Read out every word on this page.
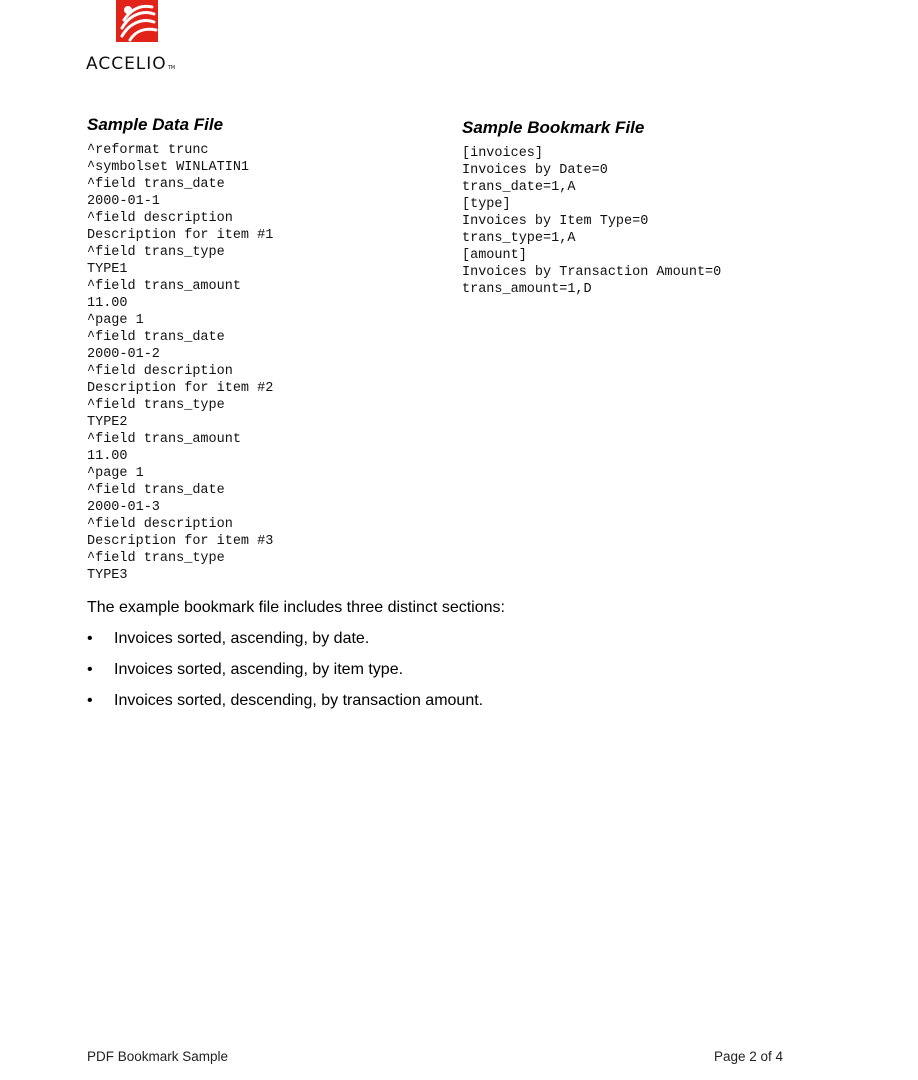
ACCELIOTM
Sample Data File
^reformat trunc
^symbolset WINLATIN1
^field trans_date
2000-01-1
^field description
Description for item #1
^field trans_type
TYPE1
^field trans_amount
11.00
^page 1
^field trans_date
2000-01-2
^field description
Description for item #2
^field trans_type
TYPE2
^field trans_amount
11.00
^page 1
^field trans_date
2000-01-3
^field description
Description for item #3
^field trans_type
TYPE3
Sample Bookmark File
[invoices]
Invoices by Date=0
trans_date=1,A
[type]
Invoices by Item Type=0
trans_type=1,A
[amount]
Invoices by Transaction Amount=0
trans_amount=1,D

The example bookmark file includes three distinct sections:

• Invoices sorted, ascending, by date.
• Invoices sorted, ascending, by item type.
• Invoices sorted, descending, by transaction amount.
PDF Bookmark Sample	Page 2 of 4
